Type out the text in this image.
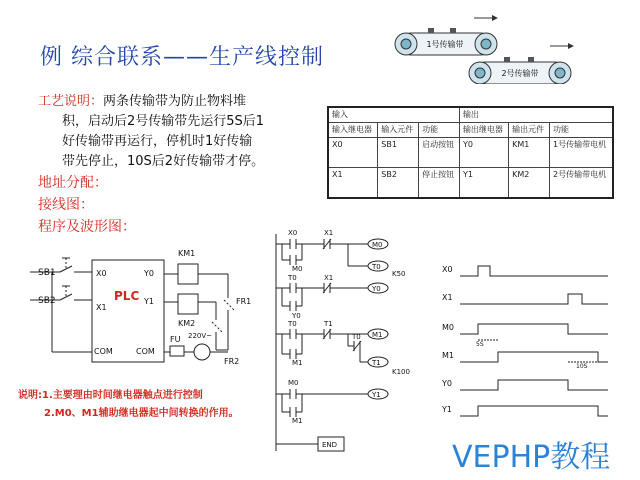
例 综合联系——生产线控制
1号传输带
2号传输带
工艺说明：两条传输带为防止物料堆
积，启动后2号传输带先运行5S后1
好传输带再运行，停机时1好传输
带先停止，10S后2好传输带才停。
地址分配：
接线图：
程序及波形图：
输入			输出		
输入继电器	输入元件	功能	输出继电器	输出元件	功能
X0	SB1	启动按钮	Y0	KM1	1号传输带电机
X1	SB2	停止按钮	Y1	KM2	2号传输带电机
SB1
SB2
X0
X1
Y0
Y1
PLC
COM	COM
KM1
KM2
FU 220V~
FR1
FR2
X0	X1
M0
M0	T0
K50
T0	X1
Y0
Y0
T0	T1
M1
M1
T0
T1
K100
M0
Y1
M1
END
X0
X1
M0
M1
Y0
Y1
5S
10S
说明:1.主要理由时间继电器触点进行控制
2.M0、M1辅助继电器起中间转换的作用。
VEPHP教程
